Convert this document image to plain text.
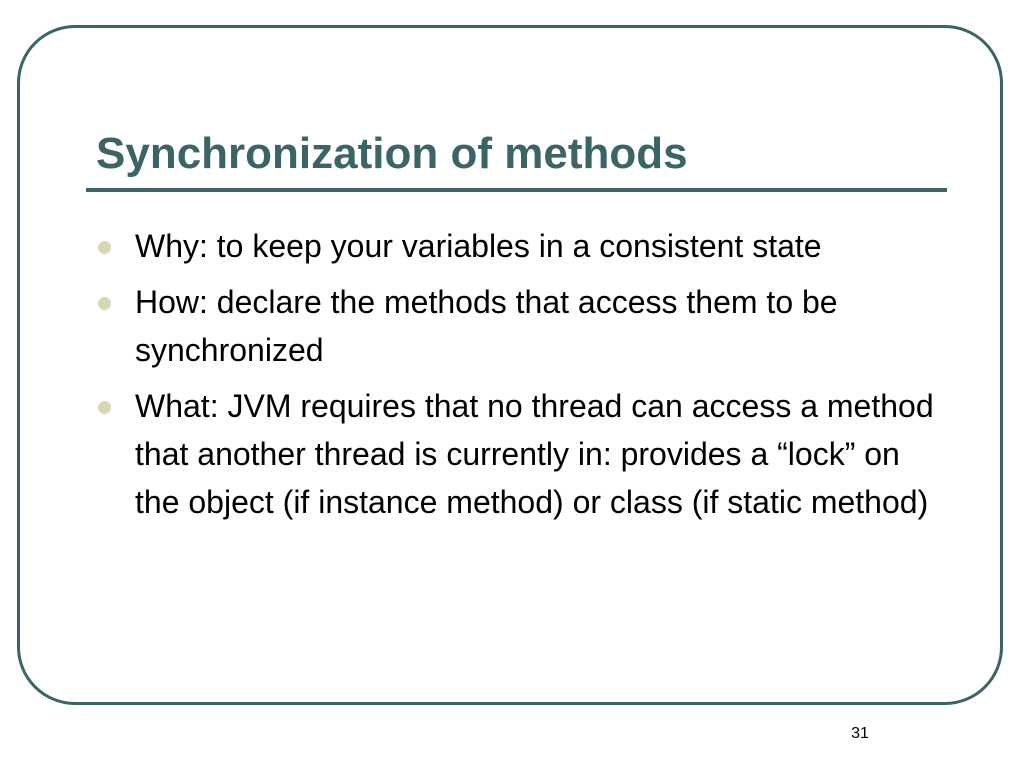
Synchronization of methods
Why: to keep your variables in a consistent state
How: declare the methods that access them to be synchronized
What: JVM requires that no thread can access a method that another thread is currently in: provides a “lock” on the object (if instance method) or class (if static method)
31
